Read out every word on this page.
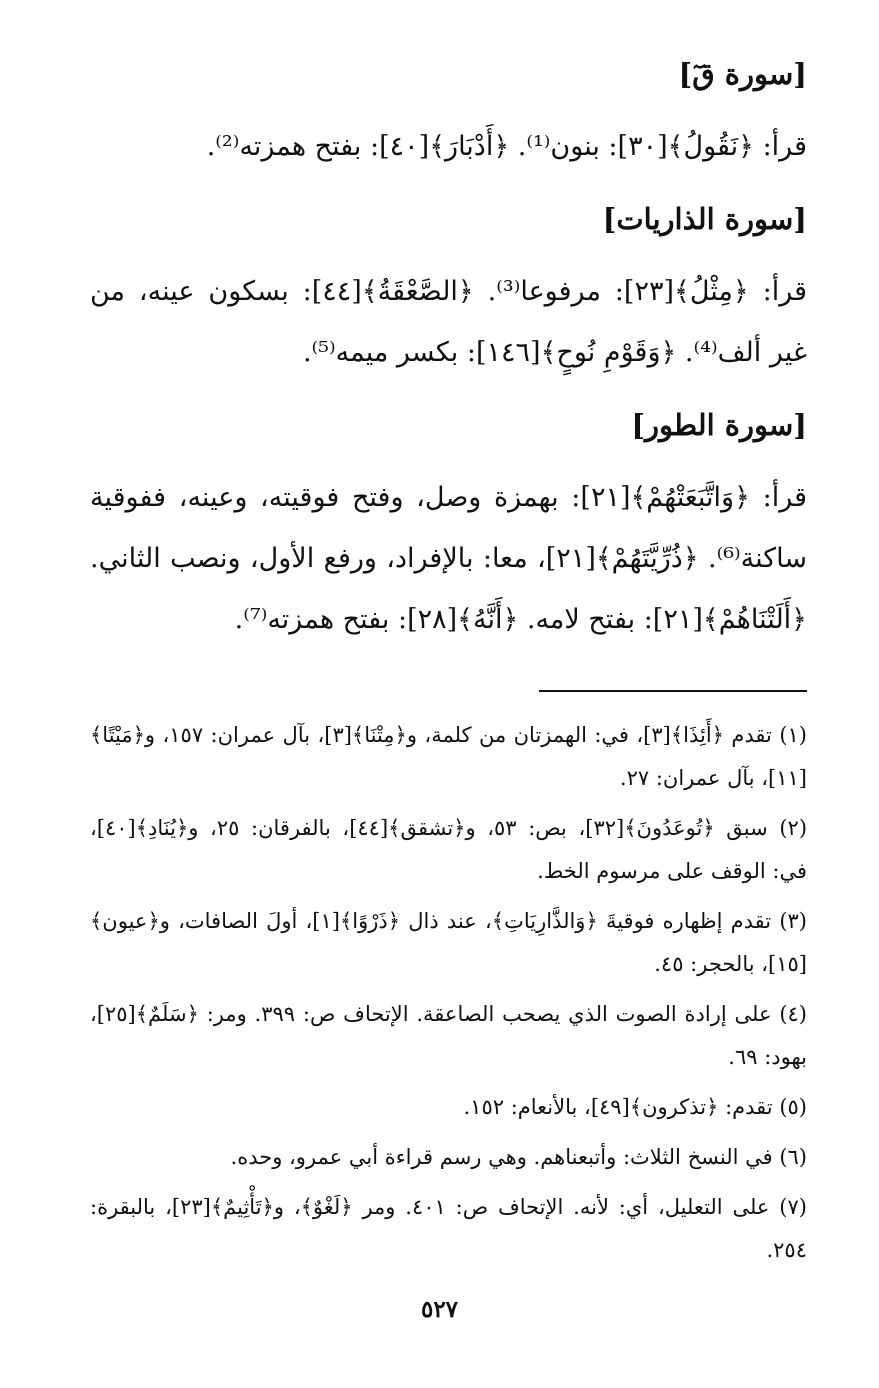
[سورة قٓ]

قرأ: ﴿نَقُولُ﴾[٣٠]: بنون⁽¹⁾. ﴿أَدْبَارَ﴾[٤٠]: بفتح همزته⁽²⁾.

[سورة الذاريات]

قرأ: ﴿مِثْلُ﴾[٢٣]: مرفوعا⁽³⁾. ﴿الصَّعْقَةُ﴾[٤٤]: بسكون عينه، من غير ألف⁽⁴⁾. ﴿وَقَوْمِ نُوحٍ﴾[١٤٦]: بكسر ميمه⁽⁵⁾.

[سورة الطور]

قرأ: ﴿وَاتَّبَعَتْهُمْ﴾[٢١]: بهمزة وصل، وفتح فوقيته، وعينه، ففوقية ساكنة⁽⁶⁾. ﴿ذُرِّيَّتَهُمْ﴾[٢١]، معا: بالإفراد، ورفع الأول، ونصب الثاني. ﴿أَلَتْنَاهُمْ﴾[٢١]: بفتح لامه. ﴿أَنَّهُ﴾[٢٨]: بفتح همزته⁽⁷⁾.

(١) تقدم ﴿أَئِذَا﴾[٣]، في: الهمزتان من كلمة، و﴿مِتْنَا﴾[٣]، بآل عمران: ١٥٧، و﴿مَيْتًا﴾[١١]، بآل عمران: ٢٧.

(٢) سبق ﴿تُوعَدُونَ﴾[٣٢]، بص: ٥٣، و﴿تشقق﴾[٤٤]، بالفرقان: ٢٥، و﴿يُنَادِ﴾[٤٠]، في: الوقف على مرسوم الخط.

(٣) تقدم إظهاره فوقيةَ ﴿وَالذَّارِيَاتِ﴾، عند ذال ﴿ذَرْوًا﴾[١]، أولَ الصافات، و﴿عيون﴾[١٥]، بالحجر: ٤٥.

(٤) على إرادة الصوت الذي يصحب الصاعقة. الإتحاف ص: ٣٩٩. ومر: ﴿سَلَمٌ﴾[٢٥]، بهود: ٦٩.

(٥) تقدم: ﴿تذكرون﴾[٤٩]، بالأنعام: ١٥٢.

(٦) في النسخ الثلاث: وأتبعناهم. وهي رسم قراءة أبي عمرو، وحده.

(٧) على التعليل، أي: لأنه. الإتحاف ص: ٤٠١. ومر ﴿لَغْوٌ﴾، و﴿تَأْثِيمٌ﴾[٢٣]، بالبقرة: ٢٥٤.

٥٢٧
